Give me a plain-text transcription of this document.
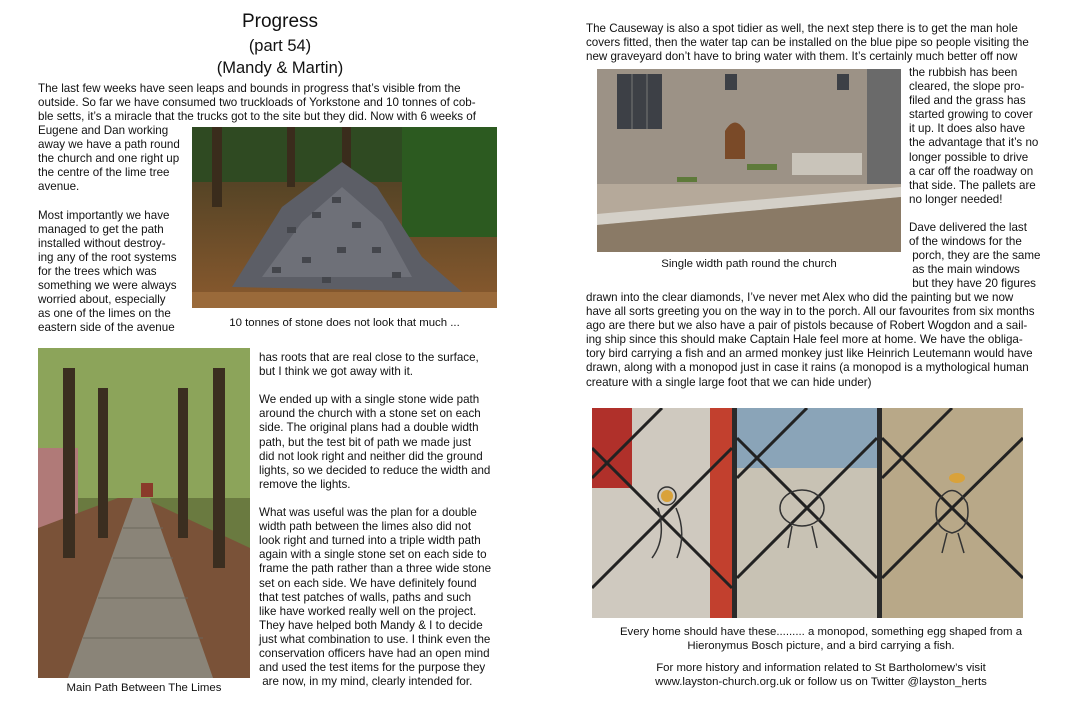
Progress
(part 54)
(Mandy & Martin)

The last few weeks have seen leaps and bounds in progress that’s visible from the

outside. So far we have consumed two truckloads of Yorkstone and 10 tonnes of cob-

ble setts, it’s a miracle that the trucks got to the site but they did. Now with 6 weeks of

Eugene and Dan working

away we have a path round

the church and one right up

the centre of the lime tree

avenue.

Most importantly we have

managed to get the path

installed without destroy-

ing any of the root systems

for the trees which was

something we were always

worried about, especially

as one of the limes on the

eastern side of the avenue	10 tonnes of stone does not look that much ...
Main Path Between The Limes

has roots that are real close to the surface,

but I think we got away with it.

We ended up with a single stone wide path

around the church with a stone set on each

side. The original plans had a double width

path, but the test bit of path we made just

did not look right and neither did the ground

lights, so we decided to reduce the width and

remove the lights.

What was useful was the plan for a double

width path between the limes also did not

look right and turned into a triple width path

again with a single stone set on each side to

frame the path rather than a three wide stone

set on each side. We have definitely found

that test patches of walls, paths and such

like have worked really well on the project.

They have helped both Mandy & I to decide

just what combination to use. I think even the

conservation officers have had an open mind

and used the test items for the purpose they

are now, in my mind, clearly intended for.

The Causeway is also a spot tidier as well, the next step there is to get the man hole

covers fitted, then the water tap can be installed on the blue pipe so people visiting the

new graveyard don’t have to bring water with them. It’s certainly much better off now

Single width path round the church

the rubbish has been

cleared, the slope pro-

filed and the grass has

started growing to cover

it up. It does also have

the advantage that it’s no

longer possible to drive

a car off the roadway on

that side. The pallets are

no longer needed!

Dave delivered the last

of the windows for the

porch, they are the same

as the main windows

but they have 20 figures

drawn into the clear diamonds, I’ve never met Alex who did the painting but we now

have all sorts greeting you on the way in to the porch. All our favourites from six months

ago are there but we also have a pair of pistols because of Robert Wogdon and a sail-

ing ship since this should make Captain Hale feel more at home. We have the obliga-

tory bird carrying a fish and an armed monkey just like Heinrich Leutemann would have

drawn, along with a monopod just in case it rains (a monopod is a mythological human

creature with a single large foot that we can hide under)

Every home should have these......... a monopod, something egg shaped from a
Hieronymus Bosch picture, and a bird carrying a fish.
For more history and information related to St Bartholomew’s visit
www.layston-church.org.uk or follow us on Twitter @layston_herts
